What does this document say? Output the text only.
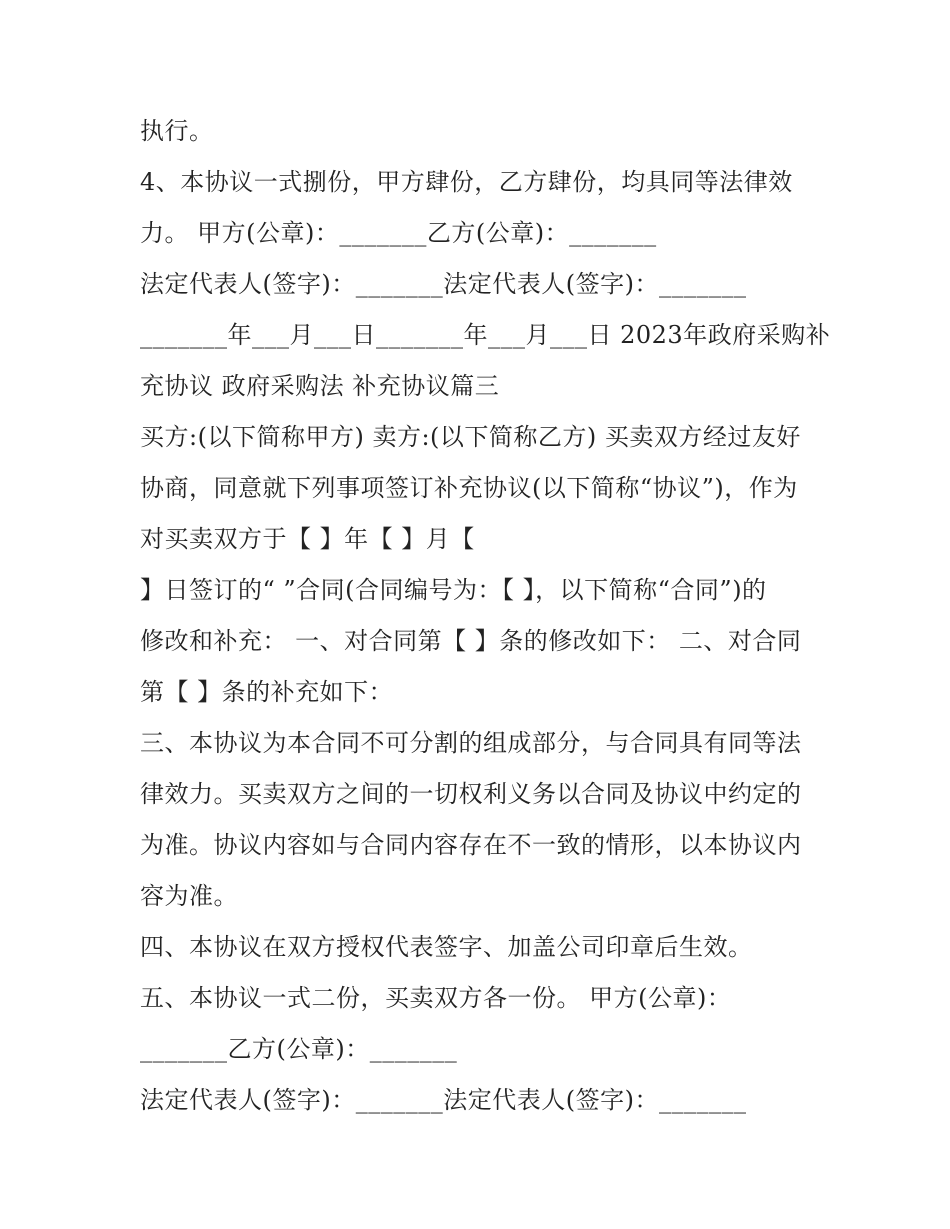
执行。
4、本协议一式捌份，甲方肆份，乙方肆份，均具同等法律效
力。 甲方(公章)：_______乙方(公章)：_______
法定代表人(签字)：_______法定代表人(签字)：_______
_______年___月___日_______年___月___日 2023年政府采购补
充协议 政府采购法 补充协议篇三
买方:(以下简称甲方) 卖方:(以下简称乙方) 买卖双方经过友好
协商，同意就下列事项签订补充协议(以下简称“协议”)，作为
对买卖双方于【 】年【 】月【
】日签订的“ ”合同(合同编号为：【 】，以下简称“合同”)的
修改和补充： 一、对合同第【 】条的修改如下： 二、对合同
第【 】条的补充如下：
三、本协议为本合同不可分割的组成部分，与合同具有同等法
律效力。买卖双方之间的一切权利义务以合同及协议中约定的
为准。协议内容如与合同内容存在不一致的情形，以本协议内
容为准。
四、本协议在双方授权代表签字、加盖公司印章后生效。
五、本协议一式二份，买卖双方各一份。 甲方(公章)：
_______乙方(公章)：_______
法定代表人(签字)：_______法定代表人(签字)：_______
